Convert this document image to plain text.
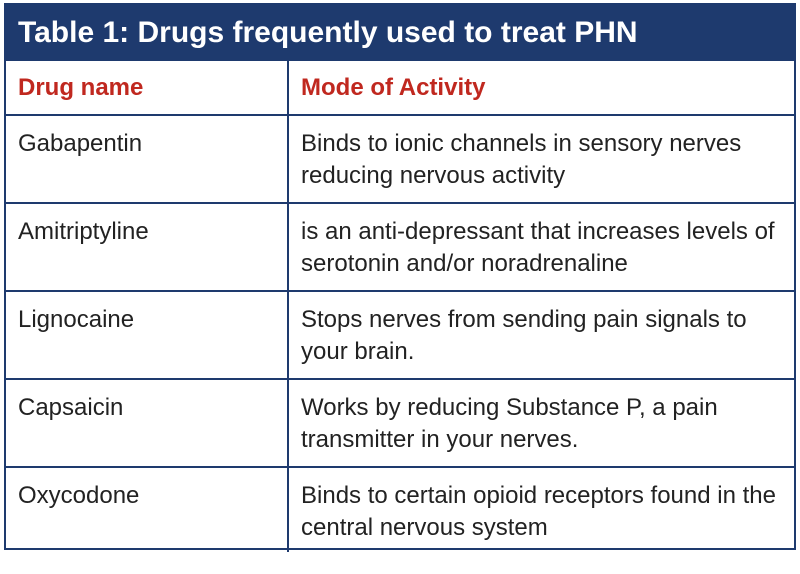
Table 1: Drugs frequently used to treat PHN
Drug name	Mode of Activity
Gabapentin	Binds to ionic channels in sensory nerves reducing nervous activity
Amitriptyline	is an anti-depressant that increases levels of serotonin and/or noradrenaline
Lignocaine	Stops nerves from sending pain signals to your brain.
Capsaicin	Works by reducing Substance P, a pain transmitter in your nerves.
Oxycodone	Binds to certain opioid receptors found in the central nervous system
